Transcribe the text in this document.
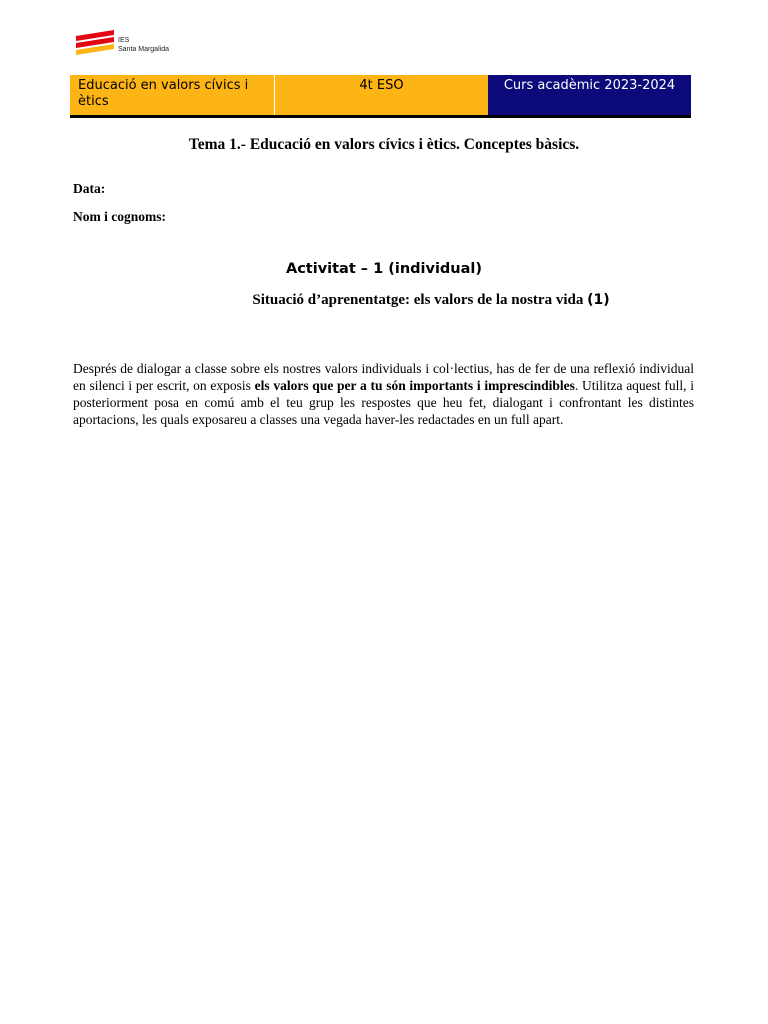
IES
Santa Margalida
Educació en valors cívics i ètics
4t ESO	Curs acadèmic 2023-2024
Tema 1.- Educació en valors cívics i ètics. Conceptes bàsics.
Data:
Nom i cognoms:
Activitat – 1 (individual)
Situació d’aprenentatge: els valors de la nostra vida (1)

Després de dialogar a classe sobre els nostres valors individuals i col·lectius, has de fer de una reflexió individual en silenci i per escrit, on exposis els valors que per a tu són importants i imprescindibles. Utilitza aquest full, i posteriorment posa en comú amb el teu grup les respostes que heu fet, dialogant i confrontant les distintes aportacions, les quals exposareu a classes una vegada haver-les redactades en un full apart.
